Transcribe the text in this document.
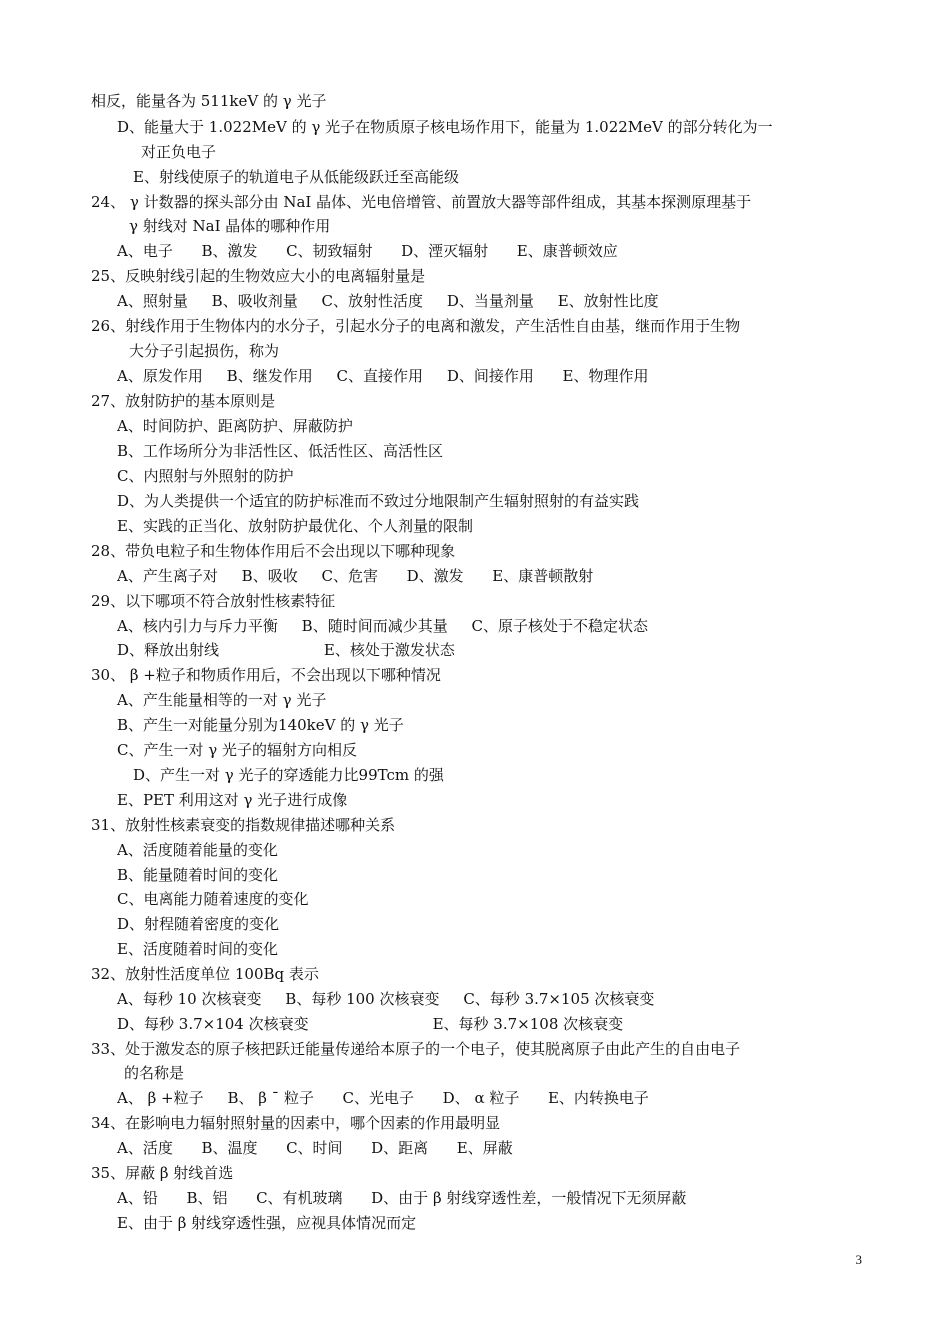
相反，能量各为 511keV 的 γ 光子
D、能量大于 1.022MeV 的 γ 光子在物质原子核电场作用下，能量为 1.022MeV 的部分转化为一
对正负电子
E、射线使原子的轨道电子从低能级跃迁至高能级
24、 γ 计数器的探头部分由 NaI 晶体、光电倍增管、前置放大器等部件组成，其基本探测原理基于
γ 射线对 NaI 晶体的哪种作用
A、电子      B、激发      C、韧致辐射      D、湮灭辐射      E、康普顿效应
25、反映射线引起的生物效应大小的电离辐射量是
A、照射量     B、吸收剂量     C、放射性活度     D、当量剂量     E、放射性比度
26、射线作用于生物体内的水分子，引起水分子的电离和激发，产生活性自由基，继而作用于生物
大分子引起损伤，称为
A、原发作用     B、继发作用     C、直接作用     D、间接作用      E、物理作用
27、放射防护的基本原则是
A、时间防护、距离防护、屏蔽防护
B、工作场所分为非活性区、低活性区、高活性区
C、内照射与外照射的防护
D、为人类提供一个适宜的防护标准而不致过分地限制产生辐射照射的有益实践
E、实践的正当化、放射防护最优化、个人剂量的限制
28、带负电粒子和生物体作用后不会出现以下哪种现象
A、产生离子对     B、吸收     C、危害      D、激发      E、康普顿散射
29、以下哪项不符合放射性核素特征
A、核内引力与斥力平衡     B、随时间而减少其量     C、原子核处于不稳定状态
D、释放出射线                      E、核处于激发状态
30、 β +粒子和物质作用后，不会出现以下哪种情况
A、产生能量相等的一对 γ 光子
B、产生一对能量分别为140keV 的 γ 光子
C、产生一对 γ 光子的辐射方向相反
D、产生一对 γ 光子的穿透能力比99Tcm 的强
E、PET 利用这对 γ 光子进行成像
31、放射性核素衰变的指数规律描述哪种关系
A、活度随着能量的变化
B、能量随着时间的变化
C、电离能力随着速度的变化
D、射程随着密度的变化
E、活度随着时间的变化
32、放射性活度单位 100Bq 表示
A、每秒 10 次核衰变     B、每秒 100 次核衰变     C、每秒 3.7×105 次核衰变
D、每秒 3.7×104 次核衰变                          E、每秒 3.7×108 次核衰变
33、处于激发态的原子核把跃迁能量传递给本原子的一个电子，使其脱离原子由此产生的自由电子
的名称是
A、 β +粒子     B、 β ˉ 粒子      C、光电子      D、 α 粒子      E、内转换电子
34、在影响电力辐射照射量的因素中，哪个因素的作用最明显
A、活度      B、温度      C、时间      D、距离      E、屏蔽
35、屏蔽 β 射线首选
A、铅      B、铝      C、有机玻璃      D、由于 β 射线穿透性差，一般情况下无须屏蔽
E、由于 β 射线穿透性强，应视具体情况而定
3
